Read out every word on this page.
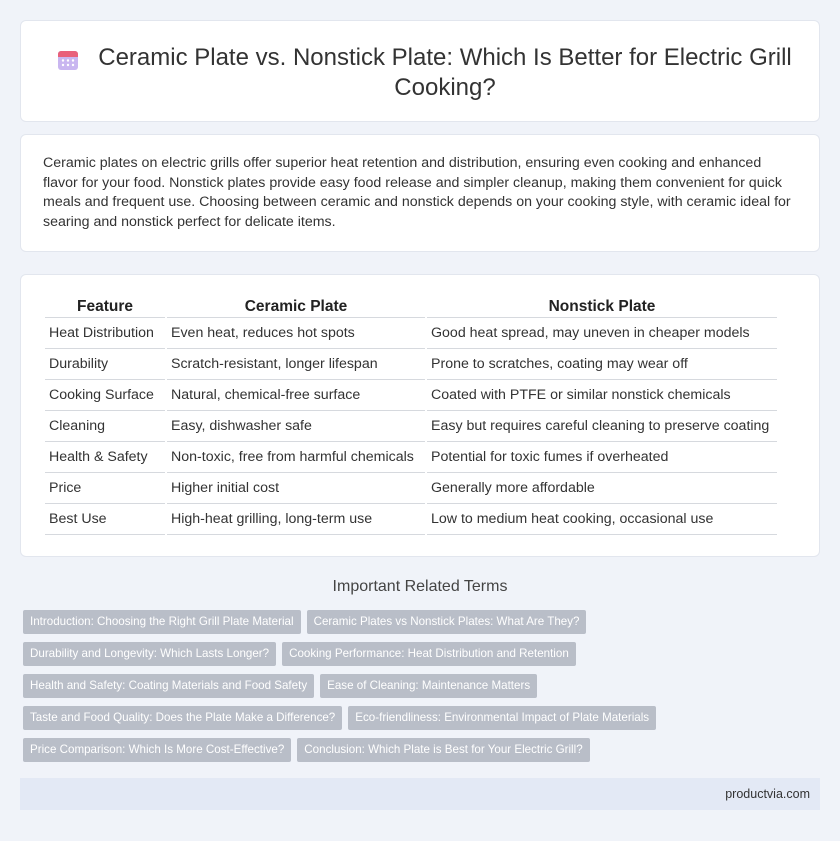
Ceramic Plate vs. Nonstick Plate: Which Is Better for Electric Grill Cooking?

Ceramic plates on electric grills offer superior heat retention and distribution, ensuring even cooking and enhanced flavor for your food. Nonstick plates provide easy food release and simpler cleanup, making them convenient for quick meals and frequent use. Choosing between ceramic and nonstick depends on your cooking style, with ceramic ideal for searing and nonstick perfect for delicate items.

Feature	Ceramic Plate	Nonstick Plate
Heat Distribution	Even heat, reduces hot spots	Good heat spread, may uneven in cheaper models
Durability	Scratch-resistant, longer lifespan	Prone to scratches, coating may wear off
Cooking Surface	Natural, chemical-free surface	Coated with PTFE or similar nonstick chemicals
Cleaning	Easy, dishwasher safe	Easy but requires careful cleaning to preserve coating
Health & Safety	Non-toxic, free from harmful chemicals	Potential for toxic fumes if overheated
Price	Higher initial cost	Generally more affordable
Best Use	High-heat grilling, long-term use	Low to medium heat cooking, occasional use
Important Related Terms
Introduction: Choosing the Right Grill Plate Material	Ceramic Plates vs Nonstick Plates: What Are They?
Durability and Longevity: Which Lasts Longer?	Cooking Performance: Heat Distribution and Retention
Health and Safety: Coating Materials and Food Safety	Ease of Cleaning: Maintenance Matters
Taste and Food Quality: Does the Plate Make a Difference?	Eco-friendliness: Environmental Impact of Plate Materials
Price Comparison: Which Is More Cost-Effective?	Conclusion: Which Plate is Best for Your Electric Grill?
productvia.com
